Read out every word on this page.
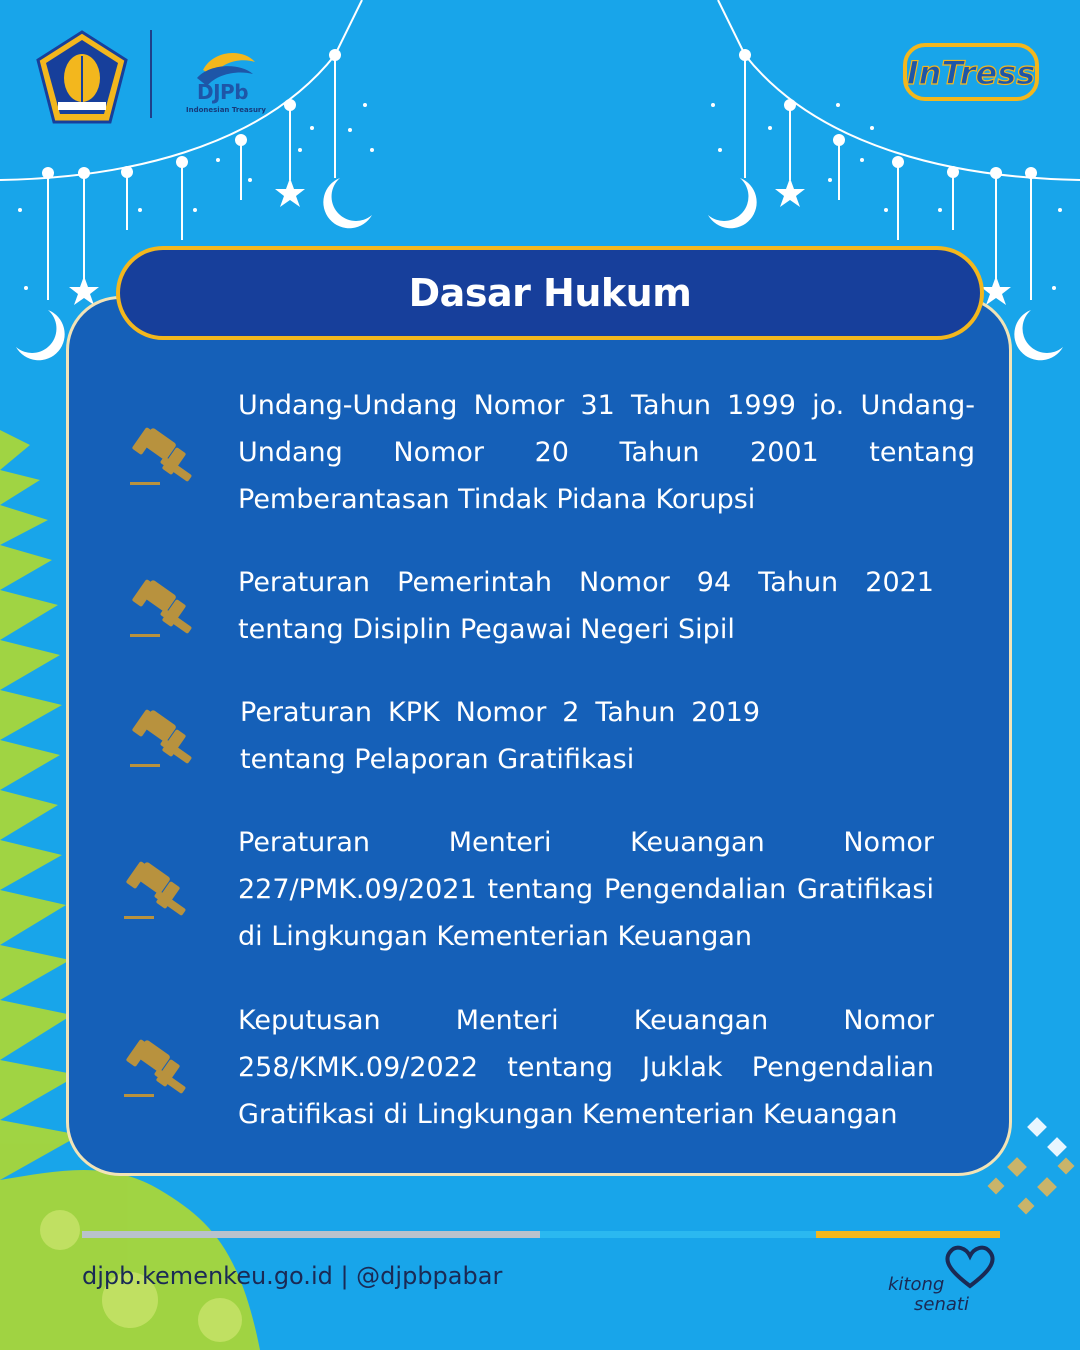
DJPb
Indonesian Treasury
InTress
Dasar Hukum
Undang-Undang Nomor 31 Tahun 1999 jo. Undang-Undang Nomor 20 Tahun 2001 tentang Pemberantasan Tindak Pidana Korupsi
Peraturan Pemerintah Nomor 94 Tahun 2021 tentang Disiplin Pegawai Negeri Sipil
Peraturan KPK Nomor 2 Tahun 2019 tentang Pelaporan Gratifikasi
Peraturan Menteri Keuangan Nomor 227/PMK.09/2021 tentang Pengendalian Gratifikasi di Lingkungan Kementerian Keuangan
Keputusan Menteri Keuangan Nomor 258/KMK.09/2022 tentang Juklak Pengendalian Gratifikasi di Lingkungan Kementerian Keuangan
djpb.kemenkeu.go.id | @djpbpabar	kitong
senati
